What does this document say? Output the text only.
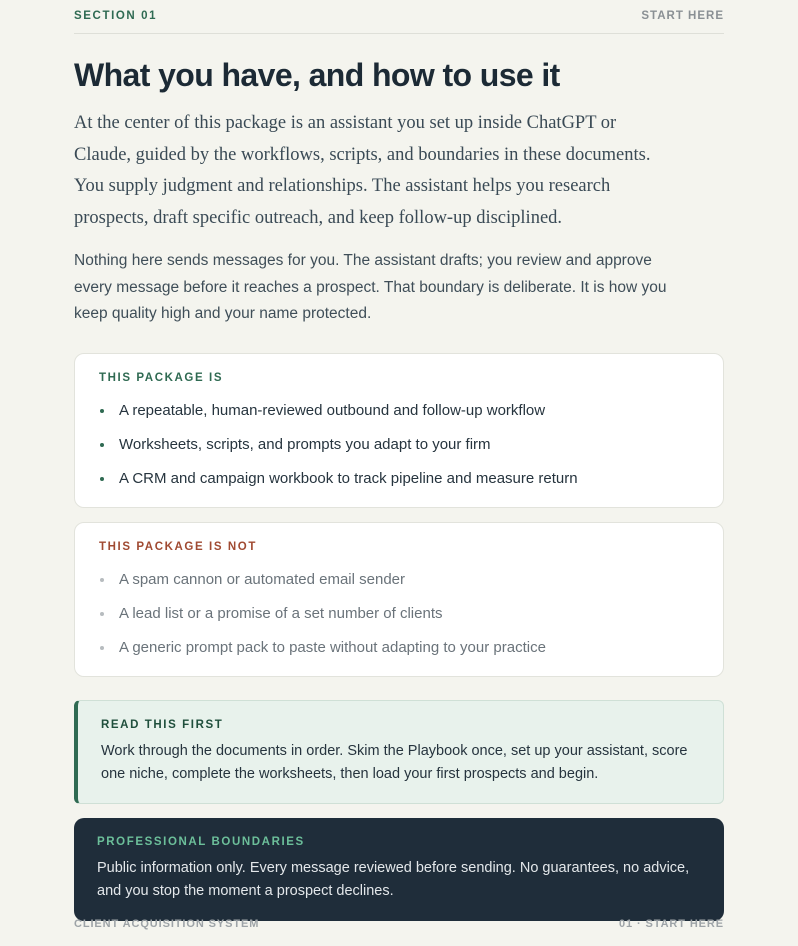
SECTION 01	START HERE
What you have, and how to use it

At the center of this package is an assistant you set up inside ChatGPT or Claude, guided by the workflows, scripts, and boundaries in these documents. You supply judgment and relationships. The assistant helps you research prospects, draft specific outreach, and keep follow-up disciplined.

Nothing here sends messages for you. The assistant drafts; you review and approve every message before it reaches a prospect. That boundary is deliberate. It is how you keep quality high and your name protected.

THIS PACKAGE IS
A repeatable, human-reviewed outbound and follow-up workflow
Worksheets, scripts, and prompts you adapt to your firm
A CRM and campaign workbook to track pipeline and measure return
THIS PACKAGE IS NOT
A spam cannon or automated email sender
A lead list or a promise of a set number of clients
A generic prompt pack to paste without adapting to your practice
READ THIS FIRST

Work through the documents in order. Skim the Playbook once, set up your assistant, score one niche, complete the worksheets, then load your first prospects and begin.

PROFESSIONAL BOUNDARIES

Public information only. Every message reviewed before sending. No guarantees, no advice, and you stop the moment a prospect declines.

CLIENT ACQUISITION SYSTEM	01 · START HERE
